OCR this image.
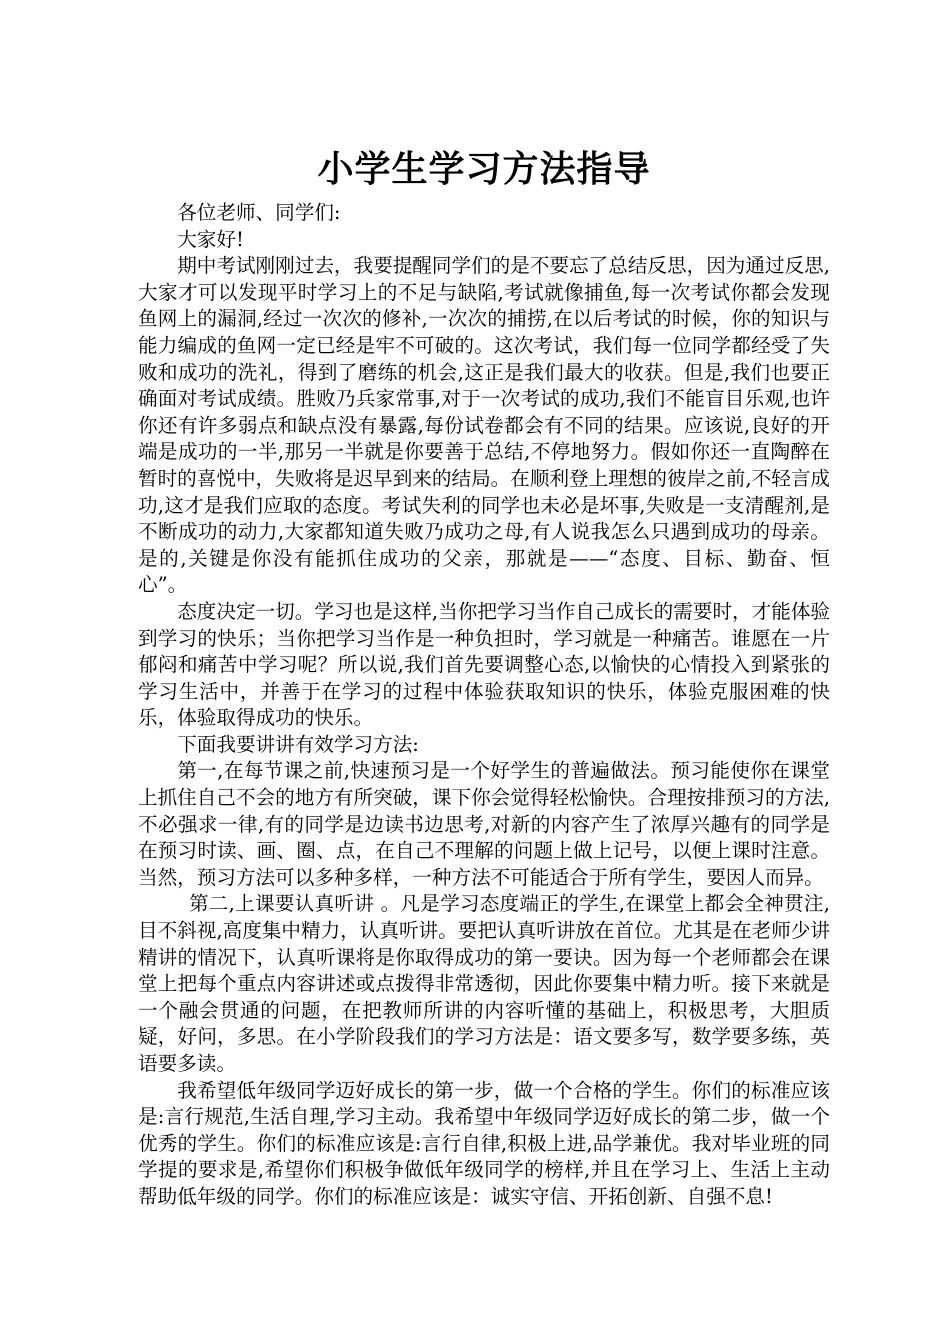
小学生学习方法指导

各位老师、同学们:

大家好!

期中考试刚刚过去，我要提醒同学们的是不要忘了总结反思，因为通过反思,大家才可以发现平时学习上的不足与缺陷,考试就像捕鱼,每一次考试你都会发现鱼网上的漏洞,经过一次次的修补,一次次的捕捞,在以后考试的时候，你的知识与能力编成的鱼网一定已经是牢不可破的。这次考试，我们每一位同学都经受了失败和成功的洗礼，得到了磨练的机会,这正是我们最大的收获。但是,我们也要正确面对考试成绩。胜败乃兵家常事,对于一次考试的成功,我们不能盲目乐观,也许你还有许多弱点和缺点没有暴露,每份试卷都会有不同的结果。应该说,良好的开端是成功的一半,那另一半就是你要善于总结,不停地努力。假如你还一直陶醉在暂时的喜悦中，失败将是迟早到来的结局。在顺利登上理想的彼岸之前,不轻言成功,这才是我们应取的态度。考试失利的同学也未必是坏事,失败是一支清醒剂,是不断成功的动力,大家都知道失败乃成功之母,有人说我怎么只遇到成功的母亲。是的,关键是你没有能抓住成功的父亲，那就是——“态度、目标、勤奋、恒心”。

态度决定一切。学习也是这样,当你把学习当作自己成长的需要时，才能体验到学习的快乐；当你把学习当作是一种负担时，学习就是一种痛苦。谁愿在一片郁闷和痛苦中学习呢？所以说,我们首先要调整心态,以愉快的心情投入到紧张的学习生活中，并善于在学习的过程中体验获取知识的快乐，体验克服困难的快乐，体验取得成功的快乐。

下面我要讲讲有效学习方法:

第一,在每节课之前,快速预习是一个好学生的普遍做法。预习能使你在课堂上抓住自己不会的地方有所突破，课下你会觉得轻松愉快。合理按排预习的方法,不必强求一律,有的同学是边读书边思考,对新的内容产生了浓厚兴趣有的同学是在预习时读、画、圈、点，在自己不理解的问题上做上记号，以便上课时注意。当然，预习方法可以多种多样，一种方法不可能适合于所有学生，要因人而异。

第二,上课要认真听讲 。凡是学习态度端正的学生,在课堂上都会全神贯注,目不斜视,高度集中精力，认真听讲。要把认真听讲放在首位。尤其是在老师少讲精讲的情况下，认真听课将是你取得成功的第一要诀。因为每一个老师都会在课堂上把每个重点内容讲述或点拨得非常透彻，因此你要集中精力听。接下来就是一个融会贯通的问题，在把教师所讲的内容听懂的基础上，积极思考，大胆质疑，好问，多思。在小学阶段我们的学习方法是：语文要多写，数学要多练，英语要多读。

我希望低年级同学迈好成长的第一步，做一个合格的学生。你们的标准应该是:言行规范,生活自理,学习主动。我希望中年级同学迈好成长的第二步，做一个优秀的学生。你们的标准应该是:言行自律,积极上进,品学兼优。我对毕业班的同学提的要求是,希望你们积极争做低年级同学的榜样,并且在学习上、生活上主动帮助低年级的同学。你们的标准应该是：诚实守信、开拓创新、自强不息!
